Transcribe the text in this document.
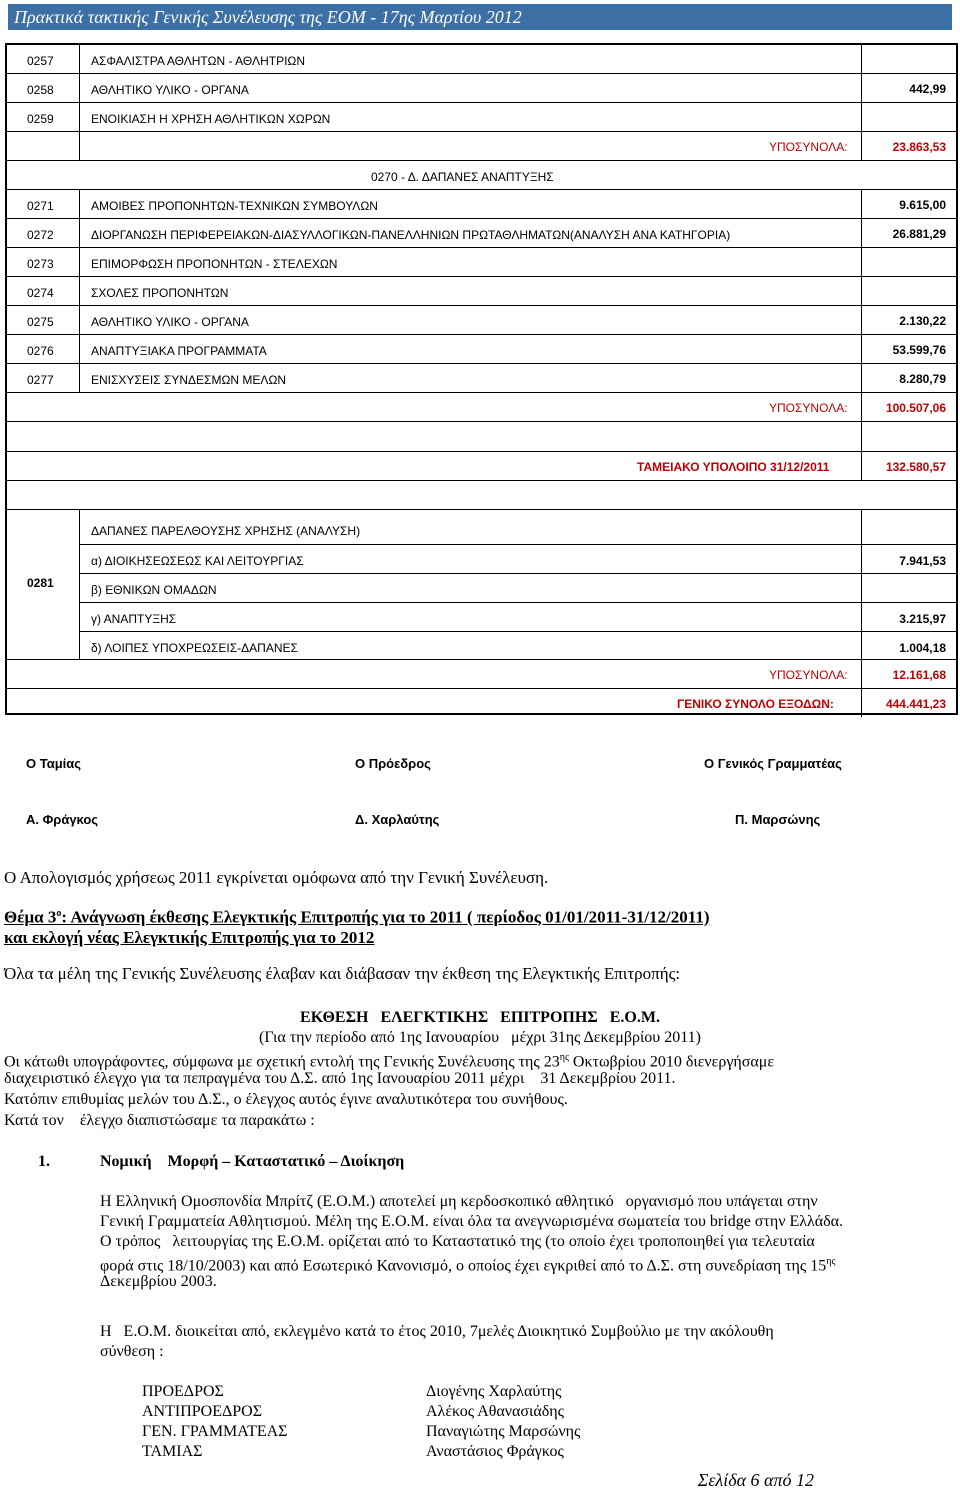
Πρακτικά τακτικής Γενικής Συνέλευσης της ΕΟΜ - 17ης Μαρτίου 2012
0257	ΑΣΦΑΛΙΣΤΡΑ ΑΘΛΗΤΩΝ - ΑΘΛΗΤΡΙΩΝ
0258	ΑΘΛΗΤΙΚΟ ΥΛΙΚΟ - ΟΡΓΑΝΑ	442,99
0259	ΕΝΟΙΚΙΑΣΗ Η ΧΡΗΣΗ ΑΘΛΗΤΙΚΩΝ ΧΩΡΩΝ
ΥΠΟΣΥΝΟΛΑ:	23.863,53
0270 - Δ. ΔΑΠΑΝΕΣ ΑΝΑΠΤΥΞΗΣ
0271	ΑΜΟΙΒΕΣ ΠΡΟΠΟΝΗΤΩΝ-ΤΕΧΝΙΚΩΝ ΣΥΜΒΟΥΛΩΝ	9.615,00
0272	ΔΙΟΡΓΑΝΩΣΗ ΠΕΡΙΦΕΡΕΙΑΚΩΝ-ΔΙΑΣΥΛΛΟΓΙΚΩΝ-ΠΑΝΕΛΛΗΝΙΩΝ ΠΡΩΤΑΘΛΗΜΑΤΩΝ(ΑΝΑΛΥΣΗ ΑΝΑ ΚΑΤΗΓΟΡΙΑ)	26.881,29
0273	ΕΠΙΜΟΡΦΩΣΗ ΠΡΟΠΟΝΗΤΩΝ - ΣΤΕΛΕΧΩΝ
0274	ΣΧΟΛΕΣ ΠΡΟΠΟΝΗΤΩΝ
0275	ΑΘΛΗΤΙΚΟ ΥΛΙΚΟ - ΟΡΓΑΝΑ	2.130,22
0276	ΑΝΑΠΤΥΞΙΑΚΑ ΠΡΟΓΡΑΜΜΑΤΑ	53.599,76
0277	ΕΝΙΣΧΥΣΕΙΣ ΣΥΝΔΕΣΜΩΝ ΜΕΛΩΝ	8.280,79
ΥΠΟΣΥΝΟΛΑ:	100.507,06
ΤΑΜΕΙΑΚΟ ΥΠΟΛΟΙΠΟ 31/12/2011	132.580,57
0281
ΔΑΠΑΝΕΣ ΠΑΡΕΛΘΟΥΣΗΣ ΧΡΗΣΗΣ (ΑΝΑΛΥΣΗ)
α) ΔΙΟΙΚΗΣΕΩΣΕΩΣ ΚΑΙ ΛΕΙΤΟΥΡΓΙΑΣ	7.941,53
β) ΕΘΝΙΚΩΝ ΟΜΑΔΩΝ
γ) ΑΝΑΠΤΥΞΗΣ	3.215,97
δ) ΛΟΙΠΕΣ ΥΠΟΧΡΕΩΣΕΙΣ-ΔΑΠΑΝΕΣ	1.004,18
ΥΠΟΣΥΝΟΛΑ:	12.161,68
ΓΕΝΙΚΟ ΣΥΝΟΛΟ ΕΞΟΔΩΝ:	444.441,23
Ο Ταμίας	Ο Πρόεδρος	Ο Γενικός Γραμματέας
Α. Φράγκος	Δ. Χαρλαύτης	Π. Μαρσώνης
Ο Απολογισμός χρήσεως 2011 εγκρίνεται ομόφωνα από την Γενική Συνέλευση.
Θέμα $3^o$: Ανάγνωση έκθεσης Ελεγκτικής Επιτροπής για το 2011 ( περίοδος 01/01/2011-31/12/2011)
και εκλογή νέας Ελεγκτικής Επιτροπής για το 2012
Όλα τα μέλη της Γενικής Συνέλευσης έλαβαν και διάβασαν την έκθεση της Ελεγκτικής Επιτροπής:
ΕΚΘΕΣΗ   ΕΛΕΓΚΤΙΚΗΣ   ΕΠΙΤΡΟΠΗΣ   Ε.Ο.Μ.
(Για την περίοδο από 1ης Ιανουαρίου   μέχρι 31ης Δεκεμβρίου 2011)
Οι κάτωθι υπογράφοντες, σύμφωνα με σχετική εντολή της Γενικής Συνέλευσης της $23^{\eta\varsigma}$ Οκτωβρίου 2010 διενεργήσαμε
διαχειριστικό έλεγχο για τα πεπραγμένα του Δ.Σ. από 1ης Ιανουαρίου 2011 μέχρι    31 Δεκεμβρίου 2011.
Κατόπιν επιθυμίας μελών του Δ.Σ., ο έλεγχος αυτός έγινε αναλυτικότερα του συνήθους.
Κατά τον    έλεγχο διαπιστώσαμε τα παρακάτω :
1.	Νομική    Μορφή – Καταστατικό – Διοίκηση
Η Ελληνική Ομοσπονδία Μπρίτζ (Ε.Ο.Μ.) αποτελεί μη κερδοσκοπικό αθλητικό   οργανισμό που υπάγεται στην
Γενική Γραμματεία Αθλητισμού. Μέλη της Ε.Ο.Μ. είναι όλα τα ανεγνωρισμένα σωματεία του bridge στην Ελλάδα.
Ο τρόπος   λειτουργίας της Ε.Ο.Μ. ορίζεται από το Καταστατικό της (το οποίο έχει τροποποιηθεί για τελευταία
φορά στις 18/10/2003) και από Εσωτερικό Κανονισμό, ο οποίος έχει εγκριθεί από το Δ.Σ. στη συνεδρίαση της $15^{\eta\varsigma}$
Δεκεμβρίου 2003.
Η   Ε.Ο.Μ. διοικείται από, εκλεγμένο κατά το έτος 2010, 7μελές Διοικητικό Συμβούλιο με την ακόλουθη
σύνθεση :
ΠΡΟΕΔΡΟΣ	Διογένης Χαρλαύτης
ΑΝΤΙΠΡΟΕΔΡΟΣ	Αλέκος Αθανασιάδης
ΓΕΝ. ΓΡΑΜΜΑΤΕΑΣ	Παναγιώτης Μαρσώνης
ΤΑΜΙΑΣ	Αναστάσιος Φράγκος
Σελίδα 6 από 12
